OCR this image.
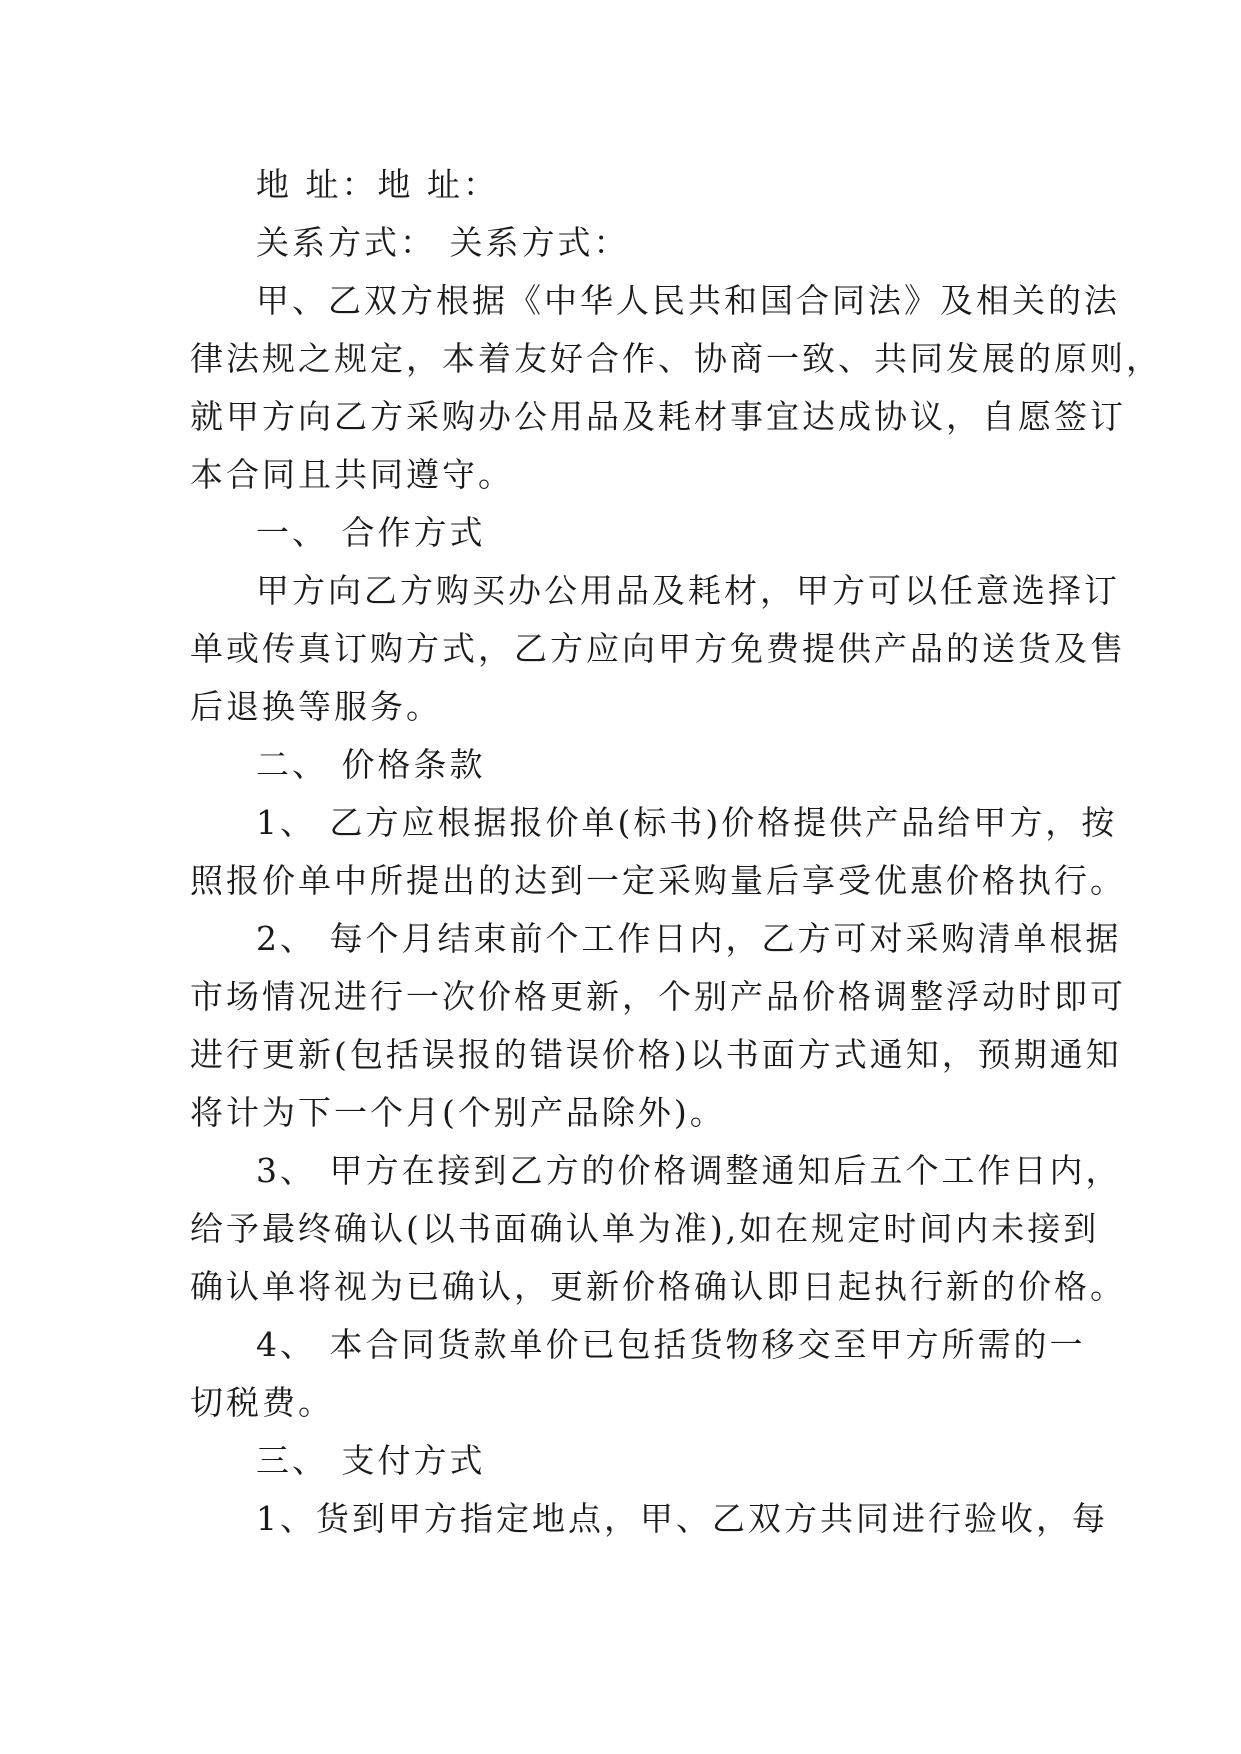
地 址：地 址：
关系方式： 关系方式：
甲、乙双方根据《中华人民共和国合同法》及相关的法
律法规之规定，本着友好合作、协商一致、共同发展的原则，
就甲方向乙方采购办公用品及耗材事宜达成协议，自愿签订
本合同且共同遵守。
一、 合作方式
甲方向乙方购买办公用品及耗材，甲方可以任意选择订
单或传真订购方式，乙方应向甲方免费提供产品的送货及售
后退换等服务。
二、 价格条款
1、 乙方应根据报价单(标书)价格提供产品给甲方，按
照报价单中所提出的达到一定采购量后享受优惠价格执行。
2、 每个月结束前个工作日内，乙方可对采购清单根据
市场情况进行一次价格更新，个别产品价格调整浮动时即可
进行更新(包括误报的错误价格)以书面方式通知，预期通知
将计为下一个月(个别产品除外)。
3、 甲方在接到乙方的价格调整通知后五个工作日内，
给予最终确认(以书面确认单为准),如在规定时间内未接到
确认单将视为已确认，更新价格确认即日起执行新的价格。
4、 本合同货款单价已包括货物移交至甲方所需的一
切税费。
三、 支付方式
1、货到甲方指定地点，甲、乙双方共同进行验收，每
